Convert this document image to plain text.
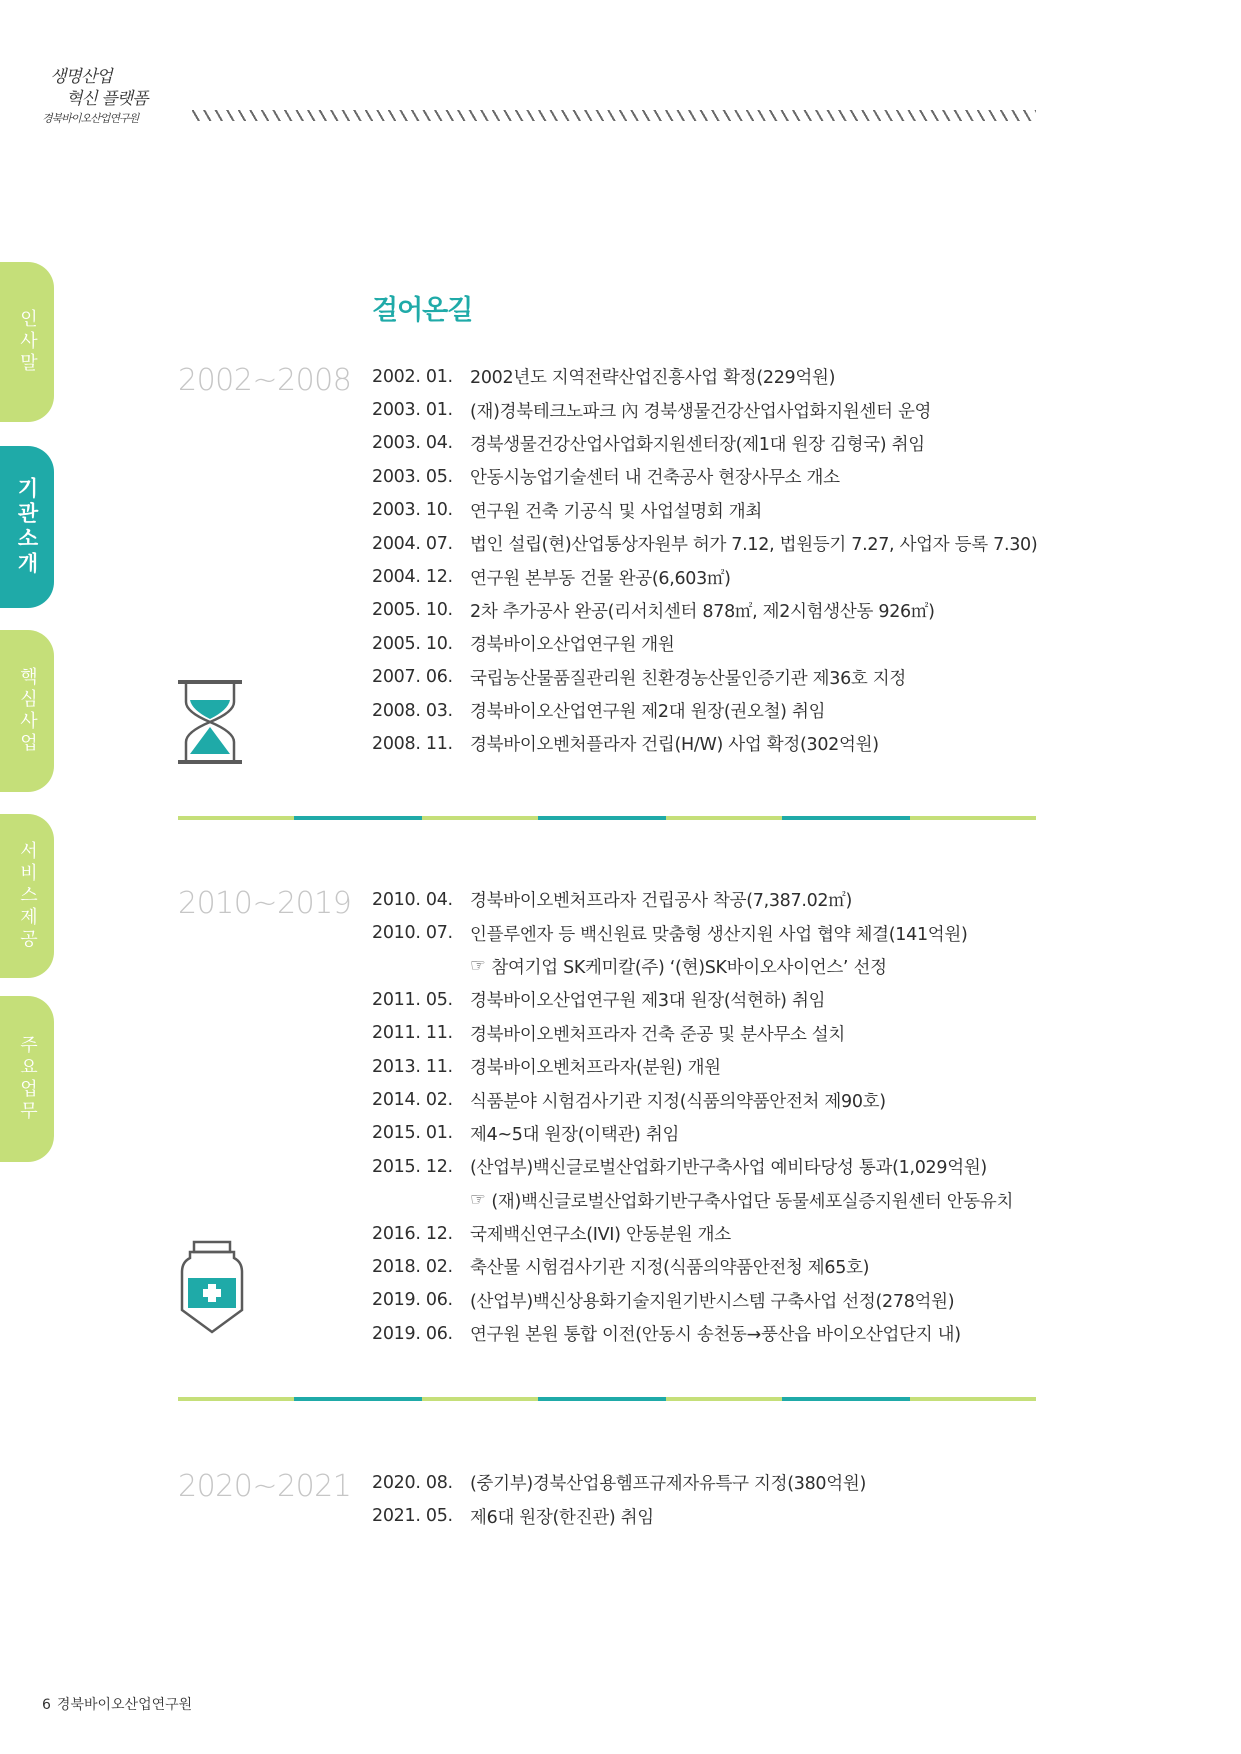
생명산업
혁신 플랫폼
경북바이오산업연구원
인사말
기관소개
핵심사업
서비스제공
주요업무
걸어온길
2002~2008 2002. 01. 2002년도 지역전략산업진흥사업 확정(229억원)
2003. 01. (재)경북테크노파크 內 경북생물건강산업사업화지원센터 운영
2003. 04. 경북생물건강산업사업화지원센터장(제1대 원장 김형국) 취임
2003. 05. 안동시농업기술센터 내 건축공사 현장사무소 개소
2003. 10. 연구원 건축 기공식 및 사업설명회 개최
2004. 07. 법인 설립(현)산업통상자원부 허가 7.12, 법원등기 7.27, 사업자 등록 7.30)
2004. 12. 연구원 본부동 건물 완공(6,603㎡)
2005. 10. 2차 추가공사 완공(리서치센터 878㎡, 제2시험생산동 926㎡)
2005. 10. 경북바이오산업연구원 개원
2007. 06. 국립농산물품질관리원 친환경농산물인증기관 제36호 지정
2008. 03. 경북바이오산업연구원 제2대 원장(권오철) 취임
2008. 11. 경북바이오벤처플라자 건립(H/W) 사업 확정(302억원)
2010~2019 2010. 04. 경북바이오벤처프라자 건립공사 착공(7,387.02㎡)
2010. 07. 인플루엔자 등 백신원료 맞춤형 생산지원 사업 협약 체결(141억원)
☞ 참여기업 SK케미칼(주) ‘(현)SK바이오사이언스’ 선정
2011. 05. 경북바이오산업연구원 제3대 원장(석현하) 취임
2011. 11. 경북바이오벤처프라자 건축 준공 및 분사무소 설치
2013. 11. 경북바이오벤처프라자(분원) 개원
2014. 02. 식품분야 시험검사기관 지정(식품의약품안전처 제90호)
2015. 01. 제4~5대 원장(이택관) 취임
2015. 12. (산업부)백신글로벌산업화기반구축사업 예비타당성 통과(1,029억원)
☞ (재)백신글로벌산업화기반구축사업단 동물세포실증지원센터 안동유치
2016. 12. 국제백신연구소(IVI) 안동분원 개소
2018. 02. 축산물 시험검사기관 지정(식품의약품안전청 제65호)
2019. 06. (산업부)백신상용화기술지원기반시스템 구축사업 선정(278억원)
2019. 06. 연구원 본원 통합 이전(안동시 송천동→풍산읍 바이오산업단지 내)
2020~2021 2020. 08. (중기부)경북산업용헴프규제자유특구 지정(380억원)
2021. 05. 제6대 원장(한진관) 취임
6 경북바이오산업연구원
